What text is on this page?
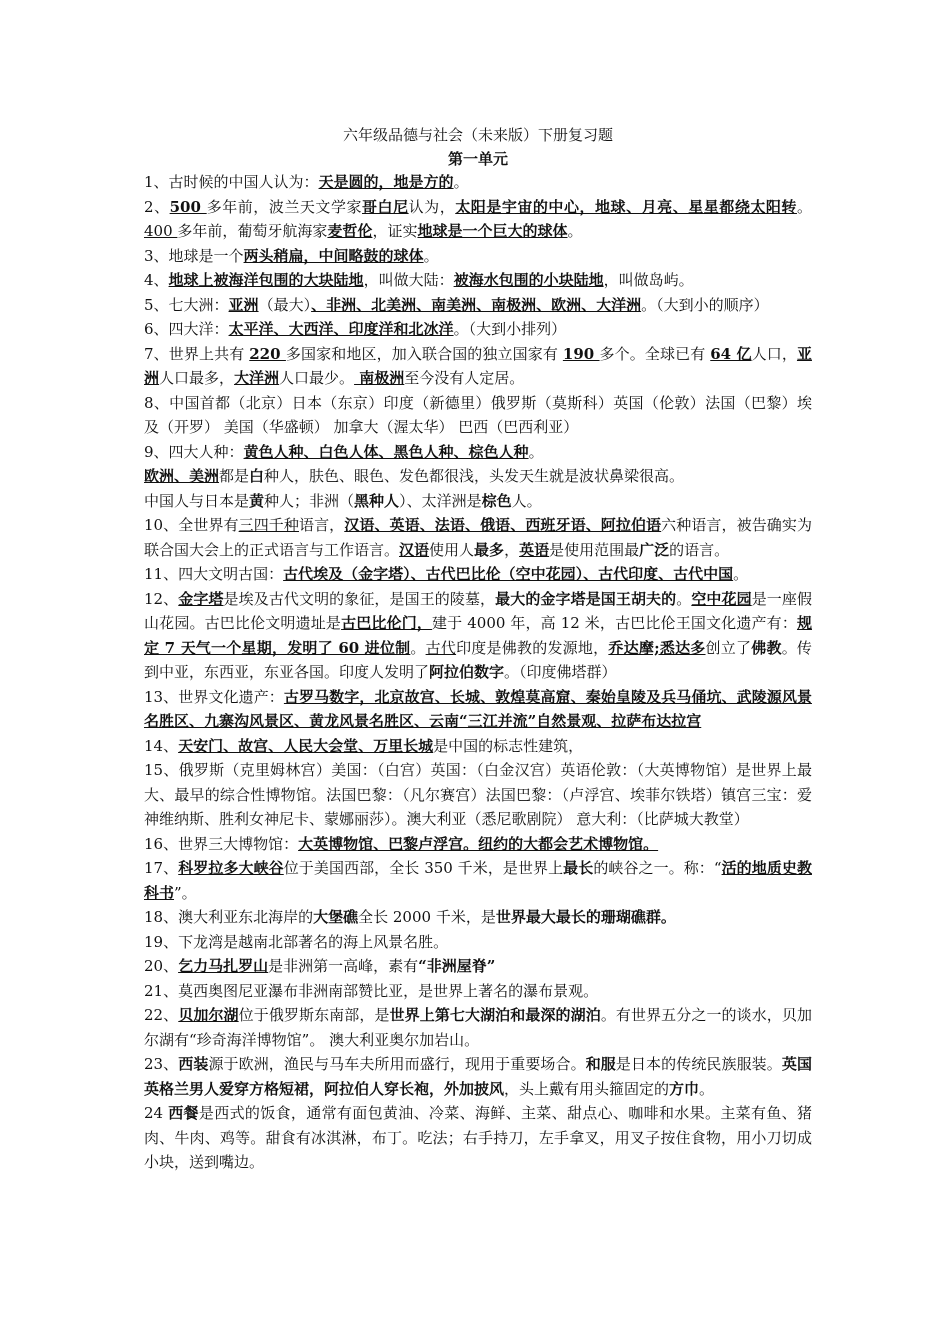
六年级品德与社会（未来版）下册复习题
第一单元

1、古时候的中国人认为：天是圆的，地是方的。

2、500 多年前，波兰天文学家哥白尼认为，太阳是宇宙的中心，地球、月亮、星星都绕太阳转。400 多年前，葡萄牙航海家麦哲伦，证实地球是一个巨大的球体。

3、地球是一个两头稍扁，中间略鼓的球体。

4、地球上被海洋包围的大块陆地，叫做大陆：被海水包围的小块陆地，叫做岛屿。

5、七大洲：亚洲（最大）、非洲、北美洲、南美洲、南极洲、欧洲、大洋洲。（大到小的顺序）

6、四大洋：太平洋、大西洋、印度洋和北冰洋。（大到小排列）

7、世界上共有 220 多国家和地区，加入联合国的独立国家有 190 多个。全球已有 64 亿人口，亚洲人口最多，大洋洲人口最少。 南极洲至今没有人定居。

8、中国首都（北京）日本（东京）印度（新德里）俄罗斯（莫斯科）英国（伦敦）法国（巴黎）埃及（开罗） 美国（华盛顿） 加拿大（渥太华） 巴西（巴西利亚）

9、四大人种：黄色人种、白色人体、黑色人种、棕色人种。

欧洲、美洲都是白种人，肤色、眼色、发色都很浅，头发天生就是波状鼻梁很高。

中国人与日本是黄种人；非洲（黑种人）、太洋洲是棕色人。

10、全世界有三四千种语言，汉语、英语、法语、俄语、西班牙语、阿拉伯语六种语言，被告确实为联合国大会上的正式语言与工作语言。汉语使用人最多，英语是使用范围最广泛的语言。

11、四大文明古国：古代埃及（金字塔）、古代巴比伦（空中花园）、古代印度、古代中国。

12、金字塔是埃及古代文明的象征，是国王的陵墓，最大的金字塔是国王胡夫的。空中花园是一座假山花园。古巴比伦文明遗址是古巴比伦门，建于 4000 年，高 12 米，古巴比伦王国文化遗产有：规定 7 天气一个星期，发明了 60 进位制。古代印度是佛教的发源地，乔达摩;悉达多创立了佛教。传到中亚，东西亚，东亚各国。印度人发明了阿拉伯数字。（印度佛塔群）

13、世界文化遗产：古罗马数字，北京故宫、长城、敦煌莫高窟、秦始皇陵及兵马俑坑、武陵源风景名胜区、九寨沟风景区、黄龙风景名胜区、云南“三江并流”自然景观、拉萨布达拉宫

14、天安门、故宫、人民大会堂、万里长城是中国的标志性建筑，

15、俄罗斯（克里姆林宫）美国：（白宫）英国：（白金汉宫）英语伦敦：（大英博物馆）是世界上最大、最早的综合性博物馆。法国巴黎：（凡尔赛宫）法国巴黎：（卢浮宫、埃菲尔铁塔）镇宫三宝：爱神维纳斯、胜利女神尼卡、蒙娜丽莎）。澳大利亚（悉尼歌剧院） 意大利：（比萨城大教堂）

16、世界三大博物馆：大英博物馆、巴黎卢浮宫。纽约的大都会艺术博物馆。

17、科罗拉多大峡谷位于美国西部，全长 350 千米，是世界上最长的峡谷之一。称：“活的地质史教科书”。

18、澳大利亚东北海岸的大堡礁全长 2000 千米，是世界最大最长的珊瑚礁群。

19、下龙湾是越南北部著名的海上风景名胜。

20、乞力马扎罗山是非洲第一高峰，素有“非洲屋脊”

21、莫西奥图尼亚瀑布非洲南部赞比亚，是世界上著名的瀑布景观。

22、贝加尔湖位于俄罗斯东南部，是世界上第七大湖泊和最深的湖泊。有世界五分之一的谈水，贝加尔湖有“珍奇海洋博物馆”。 澳大利亚奥尔加岩山。

23、西装源于欧洲，渔民与马车夫所用而盛行，现用于重要场合。和服是日本的传统民族服装。英国英格兰男人爱穿方格短裙，阿拉伯人穿长袍，外加披风，头上戴有用头箍固定的方巾。

24 西餐是西式的饭食，通常有面包黄油、冷菜、海鲜、主菜、甜点心、咖啡和水果。主菜有鱼、猪肉、牛肉、鸡等。甜食有冰淇淋，布丁。吃法；右手持刀，左手拿叉，用叉子按住食物，用小刀切成小块，送到嘴边。
